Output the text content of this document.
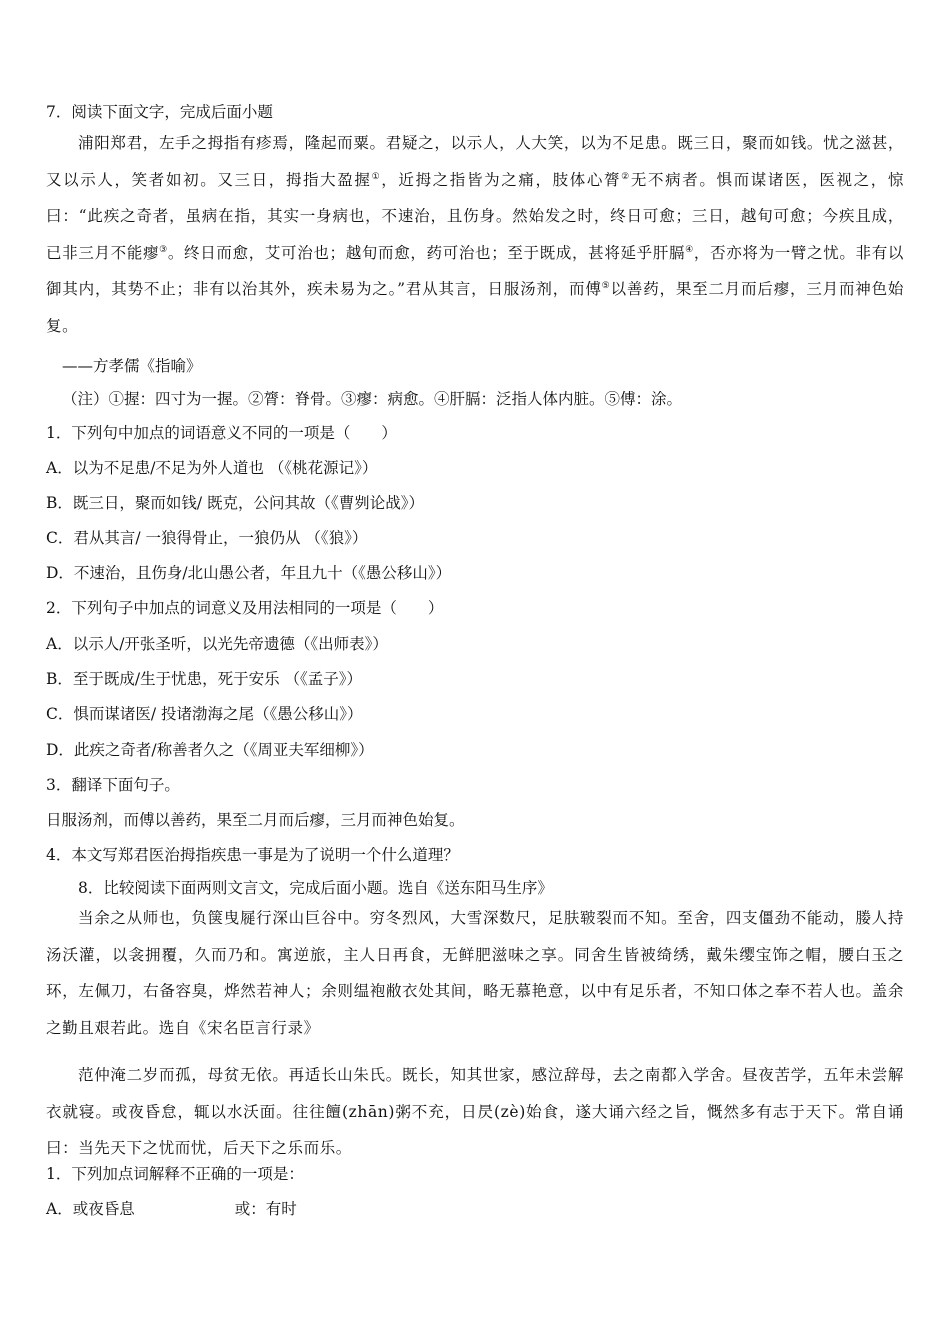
7．阅读下面文字，完成后面小题
浦阳郑君，左手之拇指有疹焉，隆起而粟。君疑之，以示人，人大笑，以为不足患。既三日，聚而如钱。忧之滋甚，又以示人，笑者如初。又三日，拇指大盈握①，近拇之指皆为之痛，肢体心膂②无不病者。惧而谋诸医，医视之，惊曰：“此疾之奇者，虽病在指，其实一身病也，不速治，且伤身。然始发之时，终日可愈；三日，越旬可愈；今疾且成，已非三月不能瘳③。终日而愈，艾可治也；越旬而愈，药可治也；至于既成，甚将延乎肝膈④，否亦将为一臂之忧。非有以御其内，其势不止；非有以治其外，疾未易为之。”君从其言，日服汤剂，而傅⑤以善药，果至二月而后瘳，三月而神色始复。
——方孝儒《指喻》
（注）①握：四寸为一握。②膂：脊骨。③瘳：病愈。④肝膈：泛指人体内脏。⑤傅：涂。
1．下列句中加点的词语意义不同的一项是（　　）
A．以为不足患/不足为外人道也 （《桃花源记》）
B．既三日，聚而如钱/ 既克，公问其故（《曹刿论战》）
C．君从其言/ 一狼得骨止，一狼仍从 （《狼》）
D．不速治，且伤身/北山愚公者，年且九十（《愚公移山》）
2．下列句子中加点的词意义及用法相同的一项是（　　）
A．以示人/开张圣听，以光先帝遗德（《出师表》）
B．至于既成/生于忧患，死于安乐 （《孟子》）
C．惧而谋诸医/ 投诸渤海之尾（《愚公移山》）
D．此疾之奇者/称善者久之（《周亚夫军细柳》）
3．翻译下面句子。
日服汤剂，而傅以善药，果至二月而后瘳，三月而神色始复。
4．本文写郑君医治拇指疾患一事是为了说明一个什么道理？
8．比较阅读下面两则文言文，完成后面小题。选自《送东阳马生序》
当余之从师也，负箧曳屣行深山巨谷中。穷冬烈风，大雪深数尺，足肤皲裂而不知。至舍，四支僵劲不能动，媵人持汤沃灌，以衾拥覆，久而乃和。寓逆旅，主人日再食，无鲜肥滋味之享。同舍生皆被绮绣，戴朱缨宝饰之帽，腰白玉之环，左佩刀，右备容臭，烨然若神人；余则缊袍敝衣处其间，略无慕艳意，以中有足乐者，不知口体之奉不若人也。盖余之勤且艰若此。选自《宋名臣言行录》
范仲淹二岁而孤，母贫无依。再适长山朱氏。既长，知其世家，感泣辞母，去之南都入学舍。昼夜苦学，五年未尝解衣就寝。或夜昏怠，辄以水沃面。往往饘(zhān)粥不充，日昃(zè)始食，遂大诵六经之旨，慨然多有志于天下。常自诵曰：当先天下之忧而忧，后天下之乐而乐。
1．下列加点词解释不正确的一项是：
A．或夜昏息	或：有时
